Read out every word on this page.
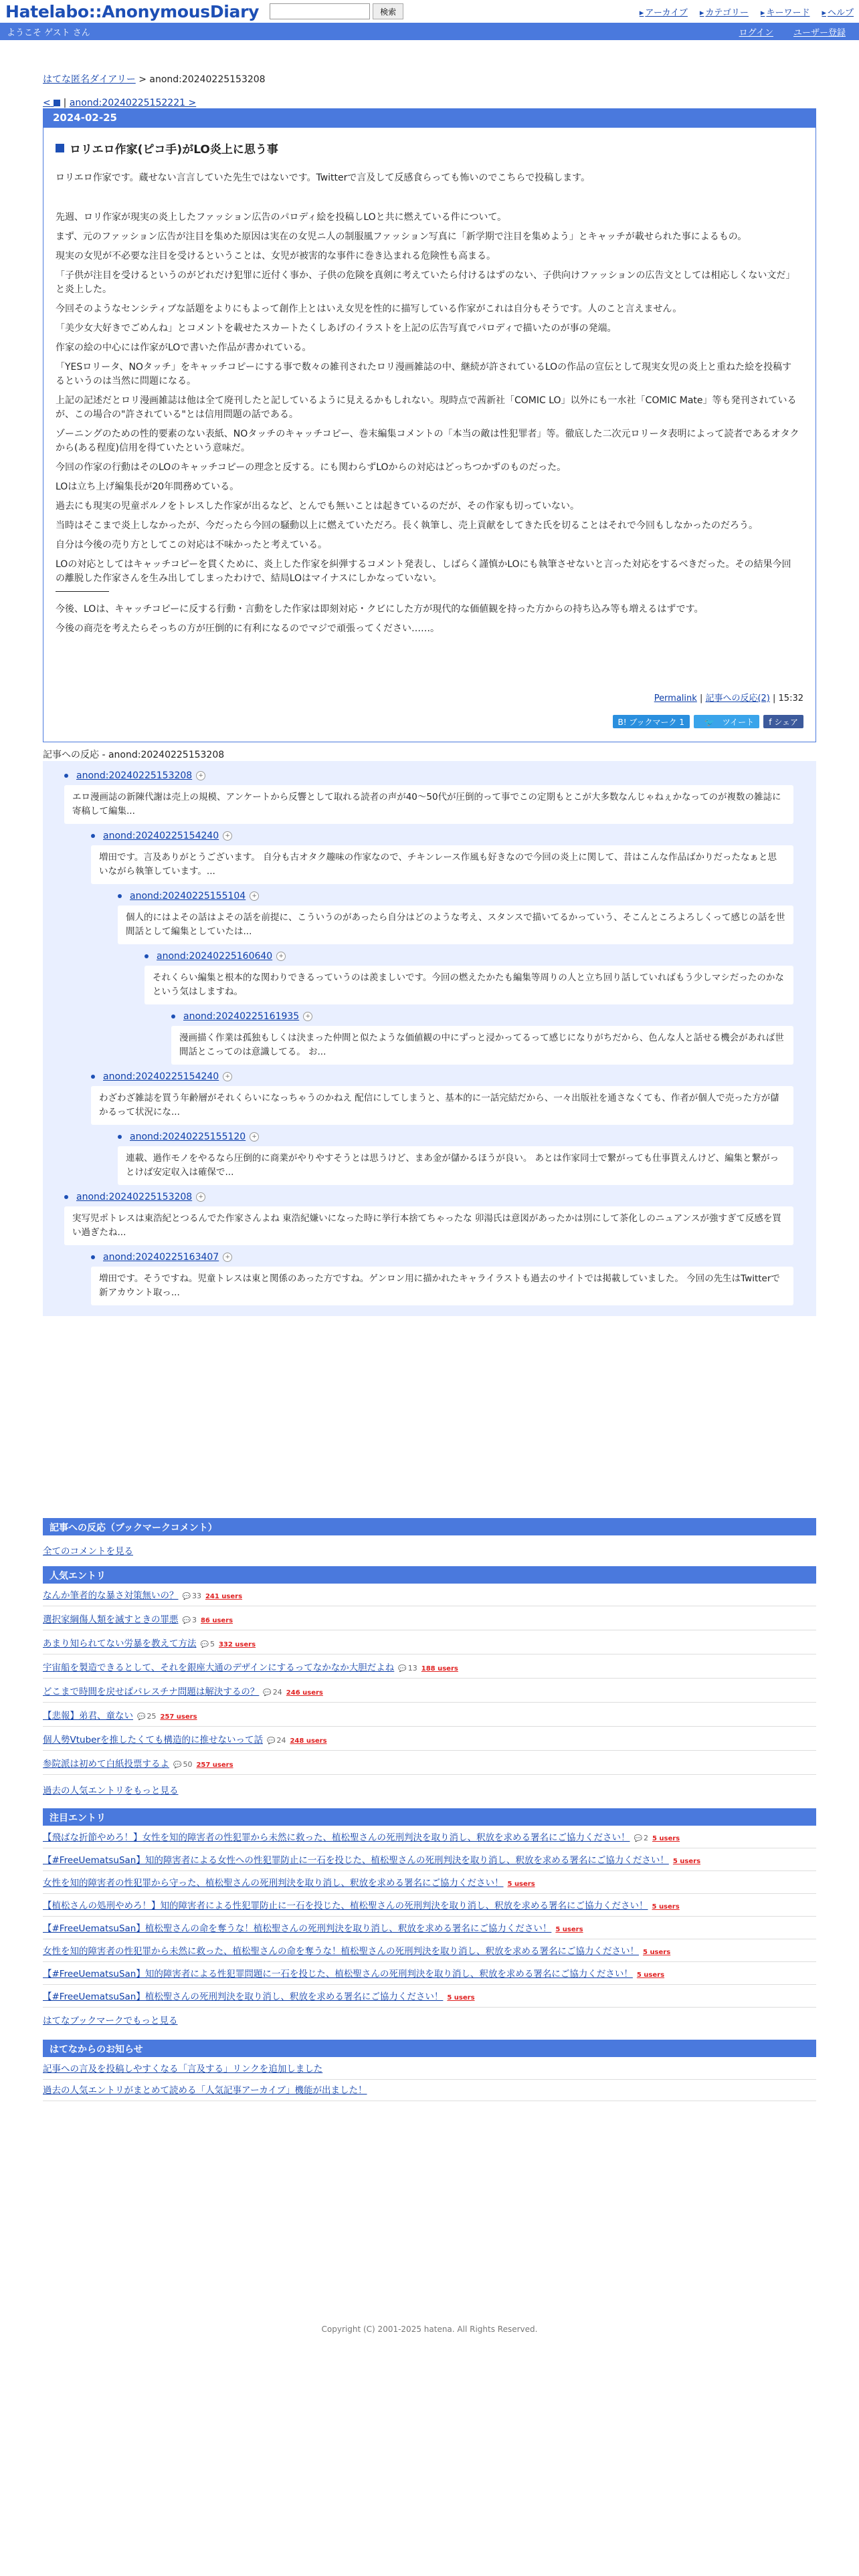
Hatelabo::AnonymousDiary	検索	▸ アーカイブ	▸ カテゴリー	▸ キーワード	▸ ヘルプ
ようこそ ゲスト さん	ログイン ユーザー登録
はてな匿名ダイアリー > anond:20240225153208
< | anond:20240225152221 >
2024-02-25
ロリエロ作家(ピコ手)がLO炎上に思う事

ロリエロ作家です。蔵せない言言していた先生ではないです。Twitterで言及して反感食らっても怖いのでこちらで投稿します。

先週、ロリ作家が現実の炎上したファッション広告のパロディ絵を投稿しLOと共に燃えている件について。

まず、元のファッション広告が注目を集めた原因は実在の女児ニ人の制服風ファッション写真に「新学期で注目を集めよう」とキャッチが載せられた事によるもの。

現実の女児が不必要な注目を受けるということは、女児が被害的な事件に巻き込まれる危険性も高まる。

「子供が注目を受けるというのがどれだけ犯罪に近付く事か、子供の危険を真剣に考えていたら付けるはずのない、子供向けファッションの広告文としては相応しくない文だ」と炎上した。

今回そのようなセンシティブな話題をよりにもよって創作上とはいえ女児を性的に描写している作家がこれは自分もそうです。人のこと言えません。

「美少女大好きでごめんね」とコメントを載せたスカートたくしあげのイラストを上記の広告写真でパロディで描いたのが事の発端。

作家の絵の中心には作家がLOで書いた作品が書かれている。

「YESロリータ、NOタッチ」をキャッチコピーにする事で数々の雑刊されたロリ漫画雑誌の中、継続が許されているLOの作品の宣伝として現実女児の炎上と重ねた絵を投稿するというのは当然に問題になる。

上記の記述だとロリ漫画雑誌は他は全て廃刊したと記しているように見えるかもしれない。現時点で茜新社「COMIC LO」以外にも一水社「COMIC Mate」等も発刊されているが、この場合の"許されている"とは信用問題の話である。

ゾーニングのための性的要素のない表紙、NOタッチのキャッチコピー、巻末編集コメントの「本当の敵は性犯罪者」等。徹底した二次元ロリータ表明によって読者であるオタクから(ある程度)信用を得ていたという意味だ。

今回の作家の行動はそのLOのキャッチコピーの理念と反する。にも関わらずLOからの対応はどっちつかずのものだった。

LOは立ち上げ編集長が20年間務めている。

過去にも現実の児童ポルノをトレスした作家が出るなど、とんでも無いことは起きているのだが、その作家も切っていない。

当時はそこまで炎上しなかったが、今だったら今回の騒動以上に燃えていただろ。長く執筆し、売上貢献をしてきた氏を切ることはそれで今回もしなかったのだろう。

自分は今後の売り方としてこの対応は不味かったと考えている。

LOの対応としてはキャッチコピーを貫くために、炎上した作家を糾弾するコメント発表し、しばらく謹慎かLOにも執筆させないと言った対応をするべきだった。その結果今回の離脱した作家さんを生み出してしまったわけで、結局LOはマイナスにしかなっていない。

今後、LOは、キャッチコピーに反する行動・言動をした作家は即刻対応・クビにした方が現代的な価値観を持った方からの持ち込み等も増えるはずです。

今後の商売を考えたらそっちの方が圧倒的に有利になるのでマジで頑張ってください……。

Permalink | 記事への反応(2) | 15:32
B! ブックマーク 1	🐦 ツイート	f シェア
記事への反応 - anond:20240225153208
anond:20240225153208	+
エロ漫画誌の新陳代謝は売上の規模、アンケートから反響として取れる読者の声が40〜50代が圧倒的って事でこの定期もとこが大多数なんじゃねぇかなってのが複数の雑誌に寄稿して編集...
anond:20240225154240	+
増田です。言及ありがとうございます。 自分も古オタク趣味の作家なので、チキンレース作風も好きなので今回の炎上に関して、昔はこんな作品ばかりだったなぁと思いながら執筆しています。...
anond:20240225155104	+
個人的にはよその話はよその話を前提に、こういうのがあったら自分はどのような考え、スタンスで描いてるかっていう、そこんところよろしくって感じの話を世間話として編集としていたは...
anond:20240225160640	+
それくらい編集と根本的な関わりできるっていうのは羨ましいです。今回の燃えたかたも編集等周りの人と立ち回り話していればもう少しマシだったのかなという気はしますね。
anond:20240225161935	+
漫画描く作業は孤独もしくは決まった仲間と似たような価値観の中にずっと浸かってるって感じになりがちだから、色んな人と話せる機会があれば世間話とこってのは意識してる。 お...
anond:20240225154240	+
わざわざ雑誌を買う年齢層がそれくらいになっちゃうのかねえ 配信にしてしまうと、基本的に一話完結だから、一々出版社を通さなくても、作者が個人で売った方が儲かるって状況にな...
anond:20240225155120	+
連載、過作モノをやるなら圧倒的に商業がやりやすそうとは思うけど、まあ金が儲かるほうが良い。 あとは作家同士で繋がっても仕事貰えんけど、編集と繋がっとけば安定収入は確保で...
anond:20240225153208	+
実写児ポトレスは東浩紀とつるんでた作家さんよね 東浩紀嫌いになった時に挙行本捨てちゃったな 卯湯氏は意図があったかは別にして茶化しのニュアンスが強すぎて反感を買い過ぎたね...
anond:20240225163407	+
増田です。そうですね。児童トレスは東と関係のあった方ですね。ゲンロン用に描かれたキャライラストも過去のサイトでは掲載していました。 今回の先生はTwitterで新アカウント取っ...
記事への反応（ブックマークコメント）
全てのコメントを見る
人気エントリ
なんか筆者的な暴さ対策無いの？ 💬 33 241 users
選択家綱傷人類を滅すときの罪悪 💬 3 86 users
あまり知られてない労暴を教えて方法 💬 5 332 users
宇宙船を製造できるとして、それを銀座大通のデザインにするってなかなか大胆だよね 💬 13 188 users
どこまで時間を戻せばパレスチナ問題は解決するの？ 💬 24 246 users
【悲報】弟君、童ない 💬 25 257 users
個人勢Vtuberを推したくても構造的に推せないって話 💬 24 248 users
参院派は初めて白紙投票するよ 💬 50 257 users
過去の人気エントリをもっと見る
注目エントリ
【飛ばな折節やめろ！】女性を知的障害者の性犯罪から未然に救った、植松聖さんの死刑判決を取り消し、釈放を求める署名にご協力ください！ 💬 2 5 users
【#FreeUematsuSan】知的障害者による女性への性犯罪防止に一石を投じた、植松聖さんの死刑判決を取り消し、釈放を求める署名にご協力ください！ 5 users
女性を知的障害者の性犯罪から守った、植松聖さんの死刑判決を取り消し、釈放を求める署名にご協力ください！ 5 users
【植松さんの処刑やめろ！】知的障害者による性犯罪防止に一石を投じた、植松聖さんの死刑判決を取り消し、釈放を求める署名にご協力ください！ 5 users
【#FreeUematsuSan】植松聖さんの命を奪うな！植松聖さんの死刑判決を取り消し、釈放を求める署名にご協力ください！ 5 users
女性を知的障害者の性犯罪から未然に救った、植松聖さんの命を奪うな！植松聖さんの死刑判決を取り消し、釈放を求める署名にご協力ください！ 5 users
【#FreeUematsuSan】知的障害者による性犯罪問題に一石を投じた、植松聖さんの死刑判決を取り消し、釈放を求める署名にご協力ください！ 5 users
【#FreeUematsuSan】植松聖さんの死刑判決を取り消し、釈放を求める署名にご協力ください！ 5 users
はてなブックマークでもっと見る
はてなからのお知らせ
記事への言及を投稿しやすくなる「言及する」リンクを追加しました
過去の人気エントリがまとめて読める「人気記事アーカイブ」機能が出ました！
Copyright (C) 2001-2025 hatena. All Rights Reserved.
